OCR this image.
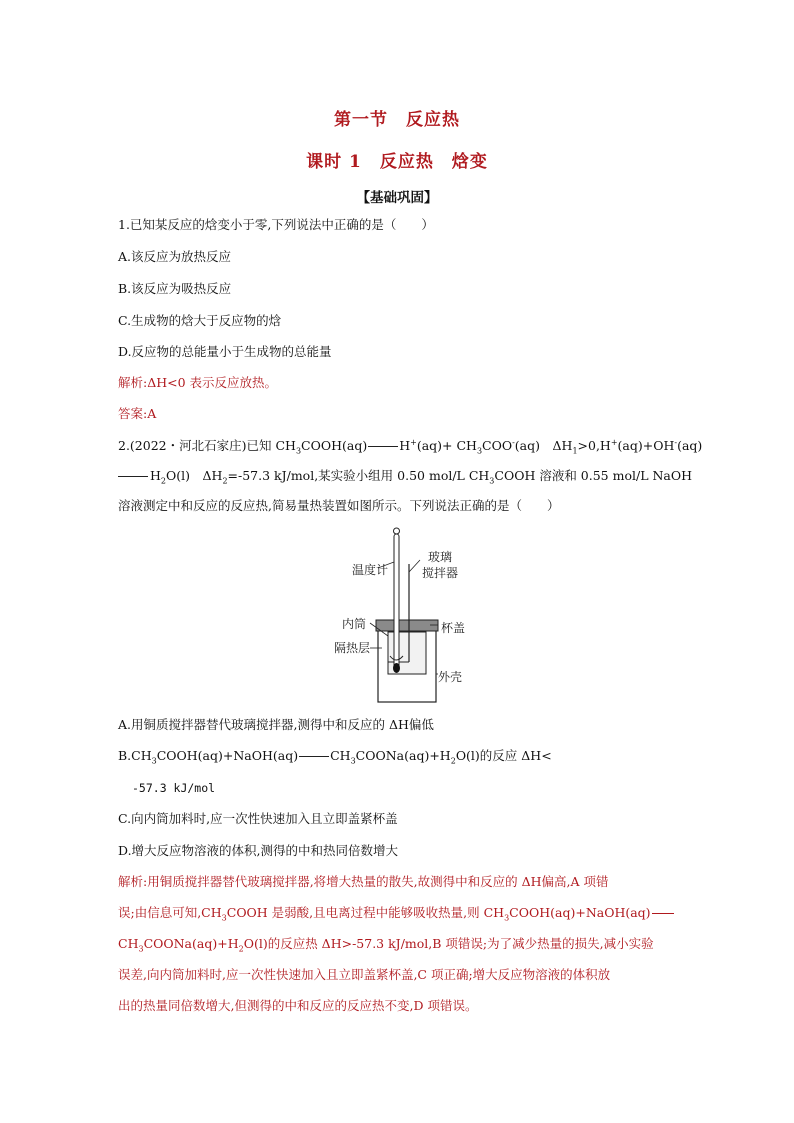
第一节　反应热
课时 1　反应热　焓变
【基础巩固】
1.已知某反应的焓变小于零,下列说法中正确的是（　　）
A.该反应为放热反应
B.该反应为吸热反应
C.生成物的焓大于反应物的焓
D.反应物的总能量小于生成物的总能量
解析:ΔH<0 表示反应放热。
答案:A
2.(2022・河北石家庄)已知 $CH_3COOH(aq)$	$H^+(aq)+ CH_3COO^-(aq)$　$\Delta H_1>0,H^+(aq)+OH^-(aq)$
$H_2O(l)$　$\Delta H_2=-57.3$ kJ/mol,某实验小组用 0.50 mol/L $CH_3COOH$ 溶液和 0.55 mol/L NaOH
溶液测定中和反应的反应热,简易量热装置如图所示。下列说法正确的是（　　）
温度计
玻璃
搅拌器
内筒	杯盖
隔热层
外壳
A.用铜质搅拌器替代玻璃搅拌器,测得中和反应的 ΔH偏低
$B.CH_3COOH(aq)+NaOH(aq)$	$CH_3COONa(aq)+H_2O(l)$的反应 ΔH<
-57.3 kJ/mol
C.向内筒加料时,应一次性快速加入且立即盖紧杯盖
D.增大反应物溶液的体积,测得的中和热同倍数增大
解析:用铜质搅拌器替代玻璃搅拌器,将增大热量的散失,故测得中和反应的 ΔH偏高,A 项错
误;由信息可知$,CH_3COOH$ 是弱酸,且电离过程中能够吸收热量,则 $CH_3COOH(aq)+NaOH(aq)$
$CH_3COONa(aq)+H_2O(l)$的反应热 ΔH>-57.3 kJ/mol,B 项错误;为了减少热量的损失,减小实验
误差,向内筒加料时,应一次性快速加入且立即盖紧杯盖,C 项正确;增大反应物溶液的体积放
出的热量同倍数增大,但测得的中和反应的反应热不变,D 项错误。
